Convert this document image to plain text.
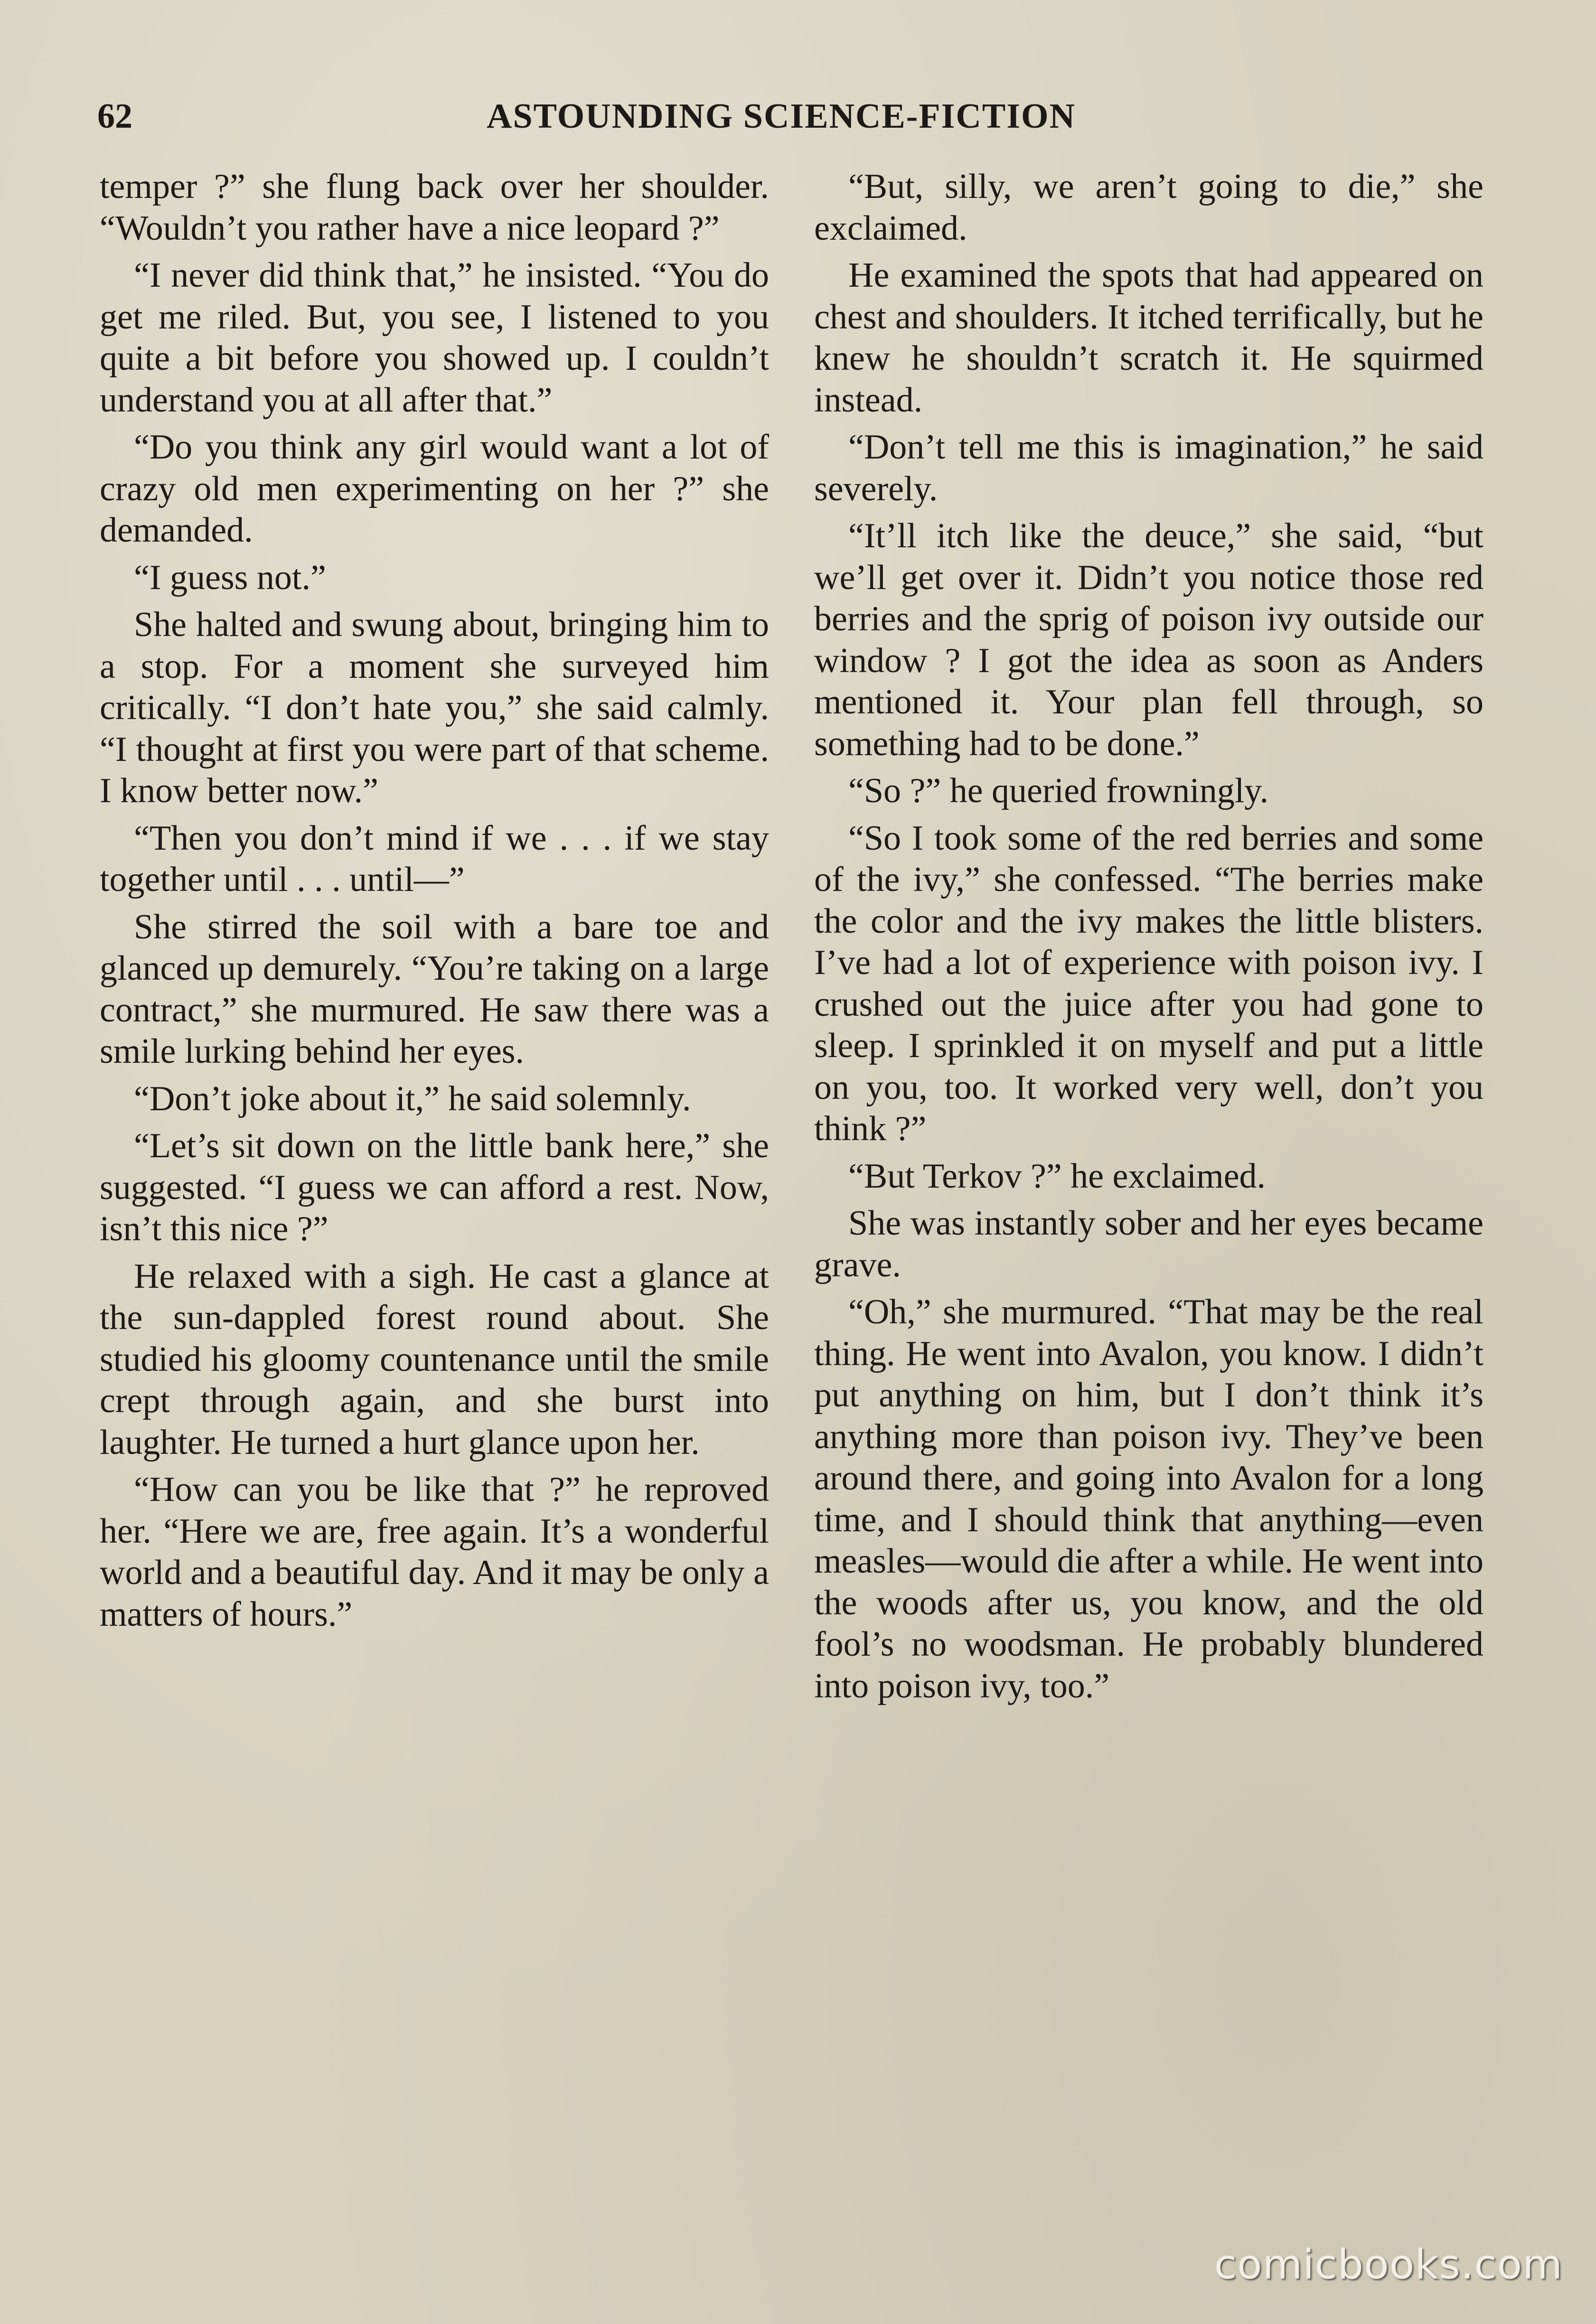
62	ASTOUNDING SCIENCE-FICTION

temper ?” she flung back over her shoulder. “Wouldn’t you rather have a nice leopard ?”

“I never did think that,” he insisted. “You do get me riled. But, you see, I listened to you quite a bit before you showed up. I couldn’t understand you at all after that.”

“Do you think any girl would want a lot of crazy old men experimenting on her ?” she demanded.

“I guess not.”

She halted and swung about, bringing him to a stop. For a moment she surveyed him critically. “I don’t hate you,” she said calmly. “I thought at first you were part of that scheme. I know better now.”

“Then you don’t mind if we . . . if we stay together until . . . until—”

She stirred the soil with a bare toe and glanced up demurely. “You’re taking on a large contract,” she murmured. He saw there was a smile lurking behind her eyes.

“Don’t joke about it,” he said solemnly.

“Let’s sit down on the little bank here,” she suggested. “I guess we can afford a rest. Now, isn’t this nice ?”

He relaxed with a sigh. He cast a glance at the sun-dappled forest round about. She studied his gloomy countenance until the smile crept through again, and she burst into laughter. He turned a hurt glance upon her.

“How can you be like that ?” he reproved her. “Here we are, free again. It’s a wonderful world and a beautiful day. And it may be only a matters of hours.”

“But, silly, we aren’t going to die,” she exclaimed.

He examined the spots that had appeared on chest and shoulders. It itched terrifically, but he knew he shouldn’t scratch it. He squirmed instead.

“Don’t tell me this is imagination,” he said severely.

“It’ll itch like the deuce,” she said, “but we’ll get over it. Didn’t you notice those red berries and the sprig of poison ivy outside our window ? I got the idea as soon as Anders mentioned it. Your plan fell through, so something had to be done.”

“So ?” he queried frowningly.

“So I took some of the red berries and some of the ivy,” she confessed. “The berries make the color and the ivy makes the little blisters. I’ve had a lot of experience with poison ivy. I crushed out the juice after you had gone to sleep. I sprinkled it on myself and put a little on you, too. It worked very well, don’t you think ?”

“But Terkov ?” he exclaimed.

She was instantly sober and her eyes became grave.

“Oh,” she murmured. “That may be the real thing. He went into Avalon, you know. I didn’t put anything on him, but I don’t think it’s anything more than poison ivy. They’ve been around there, and going into Avalon for a long time, and I should think that anything—even measles—would die after a while. He went into the woods after us, you know, and the old fool’s no woodsman. He probably blundered into poison ivy, too.”

comicbooks.com
